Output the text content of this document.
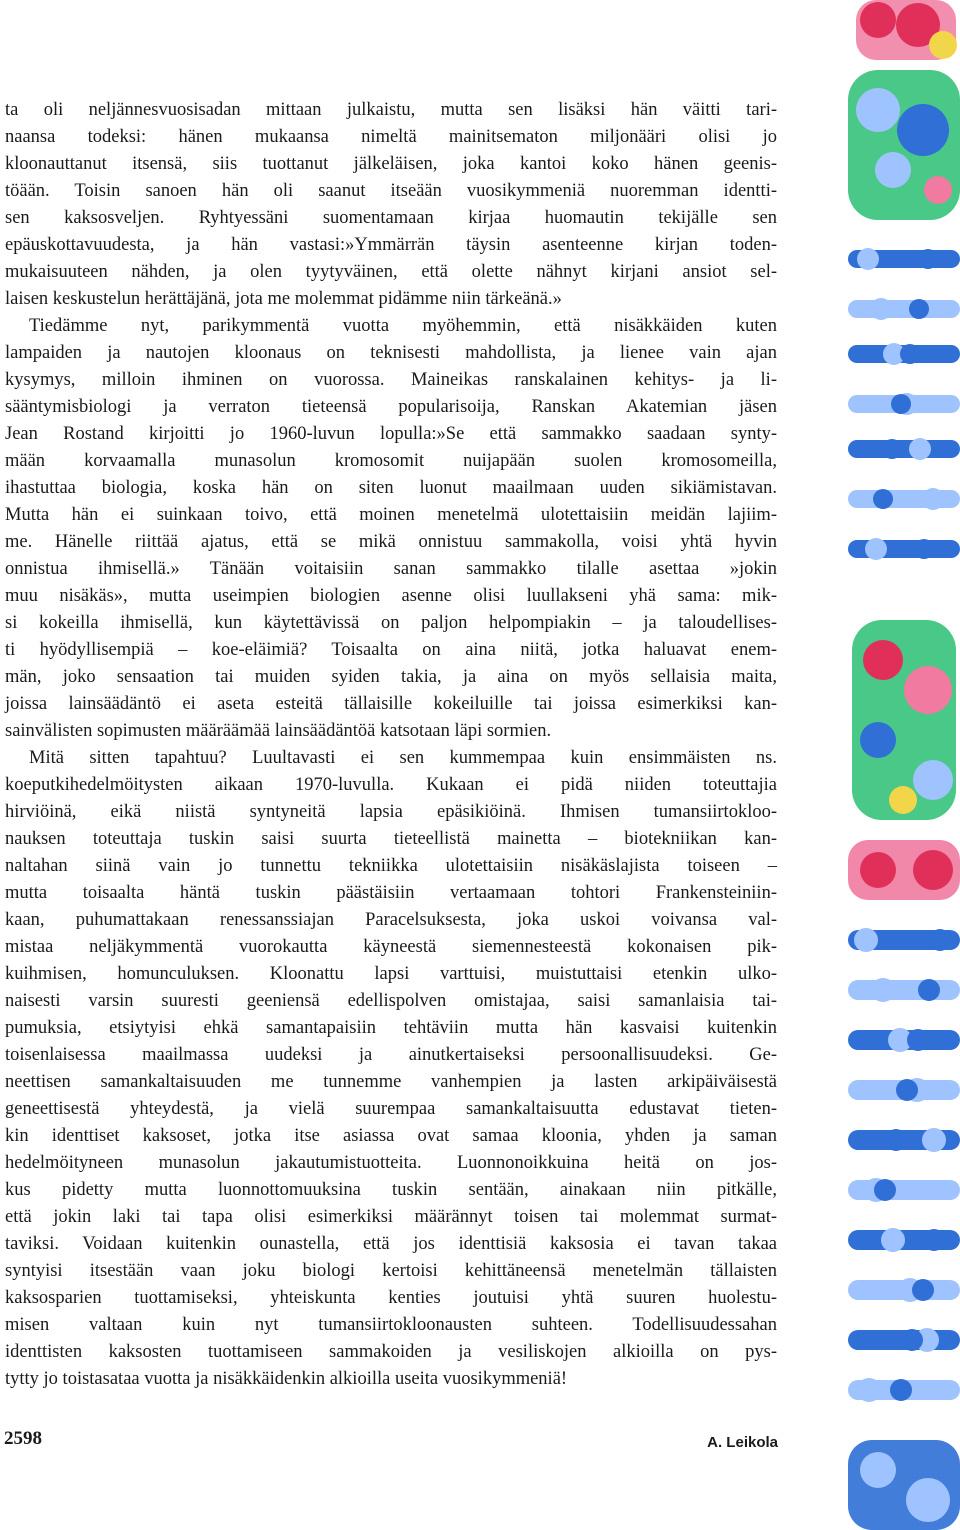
ta oli neljännesvuosisadan mittaan julkaistu, mutta sen lisäksi hän väitti tari-
naansa todeksi: hänen mukaansa nimeltä mainitsematon miljonääri olisi jo
kloonauttanut itsensä, siis tuottanut jälkeläisen, joka kantoi koko hänen geenis-
töään. Toisin sanoen hän oli saanut itseään vuosikymmeniä nuoremman identti-
sen kaksosveljen. Ryhtyessäni suomentamaan kirjaa huomautin tekijälle sen
epäuskottavuudesta, ja hän vastasi:»Ymmärrän täysin asenteenne kirjan toden-
mukaisuuteen nähden, ja olen tyytyväinen, että olette nähnyt kirjani ansiot sel-
laisen keskustelun herättäjänä, jota me molemmat pidämme niin tärkeänä.»
Tiedämme nyt, parikymmentä vuotta myöhemmin, että nisäkkäiden kuten
lampaiden ja nautojen kloonaus on teknisesti mahdollista, ja lienee vain ajan
kysymys, milloin ihminen on vuorossa. Maineikas ranskalainen kehitys- ja li-
sääntymisbiologi ja verraton tieteensä popularisoija, Ranskan Akatemian jäsen
Jean Rostand kirjoitti jo 1960-luvun lopulla:»Se että sammakko saadaan synty-
mään korvaamalla munasolun kromosomit nuijapään suolen kromosomeilla,
ihastuttaa biologia, koska hän on siten luonut maailmaan uuden sikiämistavan.
Mutta hän ei suinkaan toivo, että moinen menetelmä ulotettaisiin meidän lajiim-
me. Hänelle riittää ajatus, että se mikä onnistuu sammakolla, voisi yhtä hyvin
onnistua ihmisellä.» Tänään voitaisiin sanan sammakko tilalle asettaa »jokin
muu nisäkäs», mutta useimpien biologien asenne olisi luullakseni yhä sama: mik-
si kokeilla ihmisellä, kun käytettävissä on paljon helpompiakin – ja taloudellises-
ti hyödyllisempiä – koe-eläimiä? Toisaalta on aina niitä, jotka haluavat enem-
män, joko sensaation tai muiden syiden takia, ja aina on myös sellaisia maita,
joissa lainsäädäntö ei aseta esteitä tällaisille kokeiluille tai joissa esimerkiksi kan-
sainvälisten sopimusten määräämää lainsäädäntöä katsotaan läpi sormien.
Mitä sitten tapahtuu? Luultavasti ei sen kummempaa kuin ensimmäisten ns.
koeputkihedelmöitysten aikaan 1970-luvulla. Kukaan ei pidä niiden toteuttajia
hirviöinä, eikä niistä syntyneitä lapsia epäsikiöinä. Ihmisen tumansiirtokloo-
nauksen toteuttaja tuskin saisi suurta tieteellistä mainetta – biotekniikan kan-
naltahan siinä vain jo tunnettu tekniikka ulotettaisiin nisäkäslajista toiseen –
mutta toisaalta häntä tuskin päästäisiin vertaamaan tohtori Frankensteiniin-
kaan, puhumattakaan renessanssiajan Paracelsuksesta, joka uskoi voivansa val-
mistaa neljäkymmentä vuorokautta käyneestä siemennesteestä kokonaisen pik-
kuihmisen, homunculuksen. Kloonattu lapsi varttuisi, muistuttaisi etenkin ulko-
naisesti varsin suuresti geeniensä edellispolven omistajaa, saisi samanlaisia tai-
pumuksia, etsiytyisi ehkä samantapaisiin tehtäviin mutta hän kasvaisi kuitenkin
toisenlaisessa maailmassa uudeksi ja ainutkertaiseksi persoonallisuudeksi. Ge-
neettisen samankaltaisuuden me tunnemme vanhempien ja lasten arkipäiväisestä
geneettisestä yhteydestä, ja vielä suurempaa samankaltaisuutta edustavat tieten-
kin identtiset kaksoset, jotka itse asiassa ovat samaa kloonia, yhden ja saman
hedelmöityneen munasolun jakautumistuotteita. Luonnonoikkuina heitä on jos-
kus pidetty mutta luonnottomuuksina tuskin sentään, ainakaan niin pitkälle,
että jokin laki tai tapa olisi esimerkiksi määrännyt toisen tai molemmat surmat-
taviksi. Voidaan kuitenkin ounastella, että jos identtisiä kaksosia ei tavan takaa
syntyisi itsestään vaan joku biologi kertoisi kehittäneensä menetelmän tällaisten
kaksosparien tuottamiseksi, yhteiskunta kenties joutuisi yhtä suuren huolestu-
misen valtaan kuin nyt tumansiirtokloonausten suhteen. Todellisuudessahan
identtisten kaksosten tuottamiseen sammakoiden ja vesiliskojen alkioilla on pys-
tytty jo toistasataa vuotta ja nisäkkäidenkin alkioilla useita vuosikymmeniä!
2598	A. Leikola
